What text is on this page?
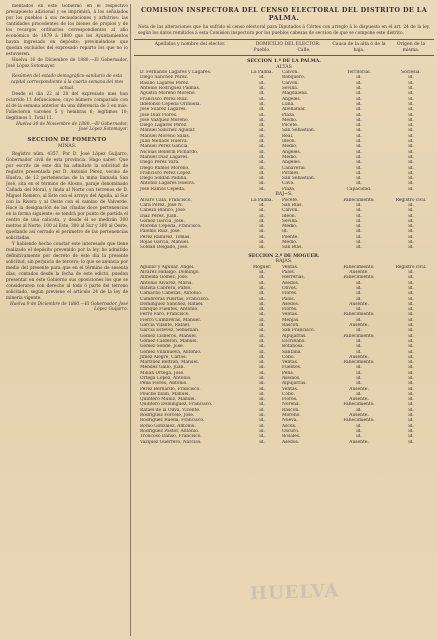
mentados en este Gobierno en el respectivo presupuesto adicional y se imprimirá, á los señalados por los pueblos á sus recaudaciones y arbitrios: las cantidades procedentes de los bienes de propios y de los recargos ordinarios correspondientes al año económico de 1879 á 1880 que los Ayuntamientos hayan ingresado en depósito; previniéndose que quedan excluidos del expresado reparto los que no lo estuvieren.

Huelva 16 de Diciembre de 1880.—El Gobernador, José López Sotomayor.

Resúmen del estado demográfico-sanitario de esta capital correspondiente á la cuarta semana del mes actual.

Desde el día 22 al 28 del expresado mes han ocurrido 11 defunciones; cuyo número comparado con el de la semana anterior da una diferencia de 3 en más. Fallecieron varones 5 y hembras 6; legítimos 10; ilegítimos 1. Total 11.

Huelva 30 de Noviembre de 1880.—El Gobernador, José López Sotomayor.

SECCION DE FOMENTO
MINAS.

Registro núm. 4357. Por D. José López Guijarro, Gobernador civil de esta provincia. Hago saber: Que por escrito de este día ha admitido la solicitud de registro presentada por D. Antonio Pérez, vecino de Huelva, de 12 pertenencias de la mina llamada San José, sita en el término de Alosno, paraje denominado Cañada del Moral, y linda al Norte con terrenos de D. Miguel Romero, al Este con el arroyo del Aguila, al Sur con la Rivera y al Oeste con el camino de Valverde. Hace la designación de las citadas doce pertenencias en la forma siguiente: se tendrá por punto de partida el centro de una calicata, y desde él se medirán 300 metros al Norte, 100 al Este, 300 al Sur y 300 al Oeste, quedando así cerrado el perímetro de las pertenencias solicitadas.

Y habiendo hecho constar este interesado que tiene realizado el depósito prevenido por la ley, he admitido definitivamente por decreto de este día la presente solicitud, sin perjuicio de tercero; lo que se anuncia por medio del presente para que en el término de sesenta días, contados desde la fecha de este edicto, puedan presentar en este Gobierno sus oposiciones los que se consideraren con derecho al todo ó parte del terreno solicitado, según previene el artículo 24 de la ley de minería vigente.

Huelva 9 de Diciembre de 1880.—El Gobernador, José López Guijarro.

COMISION INSPECTORA DEL CENSO ELECTORAL DEL DISTRITO DE LA PALMA.
Nota de las alteraciones que ha sufrido el censo electoral para Diputados á Córtes con arreglo á lo dispuesto en el art. 24 de la ley, según los datos remitidos á esta Comision inspectora por los pueblos cabezas de seccion de que se compone este distrito.
Apellidos y nombre del elector.	DOMICILIO DEL ELECTOR.
Pueblo.	Calle.
Causa de la alta ó de la baja.
Origen de la misma.
SECCION 1.ª DE LA PALMA.
ALTAS
D. Fernando Lagares y Lagares.	La Palma.	Calvon.	Territorial.	Soclesia.
Diego Sanchez Perez.	id.	Banquero.	id.	id.
Basilio Lagares Pérez.	id.	Calvon.	id.	id.
Antonio Rodriguez Palmas.	id.	Sevilla.	id.	id.
Agustin Moreno Moreno.	id.	Magdalena.	id.	id.
Francisco Perez Ruiz.	id.	Angeles.	id.	id.
Ildefonso Cepeda Orihuela.	id.	Luna.	id.	id.
José Suarez Lagares.	id.	Abenamar.	id.	id.
José Diaz Flores.	id.	Plaza.	id.	id.
José Vazquez Moreno.	id.	Medio.	id.	id.
Diego Lagares Perez.	id.	Pocete.	id.	id.
Manuel Sanchez Aguilar.	id.	San Sebastian.	id.	id.
Manuel Moreno Salas.	id.	Real.	id.	id.
Juan Mellado Huelva.	id.	Ideon.	id.	id.
Manuel Perez Gancia.	id.	Medio.	id.	id.
Nicolás Bellerin Pichardo.	id.	Angeles.	id.	id.
Manuel Díaz Lagares.	id.	Medio.	id.	id.
Diego Perez Vara.	id.	Angeles.	id.	id.
Diego Ramos Moreno.	id.	Cañaveral.	id.	id.
Francisco Pérez Lopez.	id.	Porales.	id.	id.
Diego Soldan Padilla.	id.	San Sebastian.	id.	id.
Antonio Lagares Huelva.	id.	Cava.	id.	id.
José Ramos Cepeda.	id.	Plaza.	Capacidad.	id.
BAJ~S.
Alvaro Cala, Francisco.	La Palma.	Pocete.	Fallecimiento.	Registro civil.
Cara Pérez, José N.	id.	San Blas.	id.	id.
Cabeza Blanco, José.	id.	Calvon.	id.	id.
Diaz Pérez, Juan.	id.	Ideon.	id.	id.
Gomez Garcia, José.	id.	Sevilla.	id.	id.
Moreno Cepeda, Francisco.	id.	Medio.	id.	id.
Palomo Ruiz, José.	id.	Id.	id.	id.
Perez Ramirez, Tomás.	id.	Poente.	id.	id.
Rojas Garcia, Manuel.	id.	Medio.	id.	id.
Soldan Delgado, José.	id.	San Blas.	id.	id.
SECCION 2.ª DE MOGUER.
BAJAS.
Aguilar y Aguilar, Angel.	Moguer.	Ventas.	Fallecimiento.	Registro civil.
Alvarez Hidalgo, Domingo.	id.	Palos.	Ausente.	id.
Almeida Gomez, José.	id.	Herrerías.	Fallecimiento.	id.
Antonio Alvarez, María.	id.	Asedos.	id.	id.
Batista Cabrera, Pablo.	id.	Olivos.	id.	id.
Camacho Cabezas, Antonio.	id.	Flores.	id.	id.
Cumbreras Puertas, Francisco.	id.	Palos.	id.	id.
Dominguez Sanchez, Rafael.	id.	Asedos.	Ausente.	id.
Enrique Fuentes, Antonio.	id.	Flores.	id.	id.
Ferro Faro, Francisco.	id.	Ventas.	Fallecimiento.	id.
Fierro Cumbreras, Manuel.	id.	Menjas.	id.	id.
Garcia Vilante, Rafael.	id.	Rascon.	Ausente.	id.
Garcia Estévez, Sebastian.	id.	San Francisco.	id.	id.
Gomez Cisneros, Manuel.	id.	Alpujarras.	Fallecimiento.	id.
Gomez Caldéron, Manuel.	id.	Escribano.	id.	id.
Gomez Sonde, José.	id.	Botanosa.	id.	id.
Gomez Villanueva, Antonio.	id.	Santana.	id.	id.
Jimez Alegre, Carlos.	id.	Cobo.	Ausente.	id.
Martinez Beltrán, Manuel.	id.	Ventas.	Fallecimiento.	id.
Mendez Gallo, Juan.	id.	Fuentes.	id.	id.
Millán Ortega, José.	id.	Pena.	id.	id.
Ortega López, Antonio.	id.	Asedios.	id.	id.
Peña Flores, Antonio.	id.	Alpujarras.	id.	id.
Perez Bernardo, Francisco.	id.	Ventas.	Ausente.	id.
Pouche Illadi, Manuel.	id.	Cobo.	id.	id.
Quintero Muñiz, Manuel.	id.	Flores.	Ausente.	id.
Quintero Dominguez, Francisco.	id.	Norena.	Fallecimiento.	id.
Rafael de la Oliva, Vicente.	id.	Rascon.	id.	id.
Rodriguez Forcele, José.	id.	Moreno.	Ausente.	id.
Rodriguez Rueda, Francisco.	id.	Nueva.	Fallecimiento.	id.
Romo Gonzalez, Antonio.	id.	Ascds.	id.	id.
Rodriguez Pastor, Antonio.	id.	Oscuro.	id.	id.
Troncoso Danso, Francisco.	id.	Rosales.	id.	id.
Vazquez Guerrero, Narciso.	id.	Asedos.	Ausente.	id.
HUELVA
